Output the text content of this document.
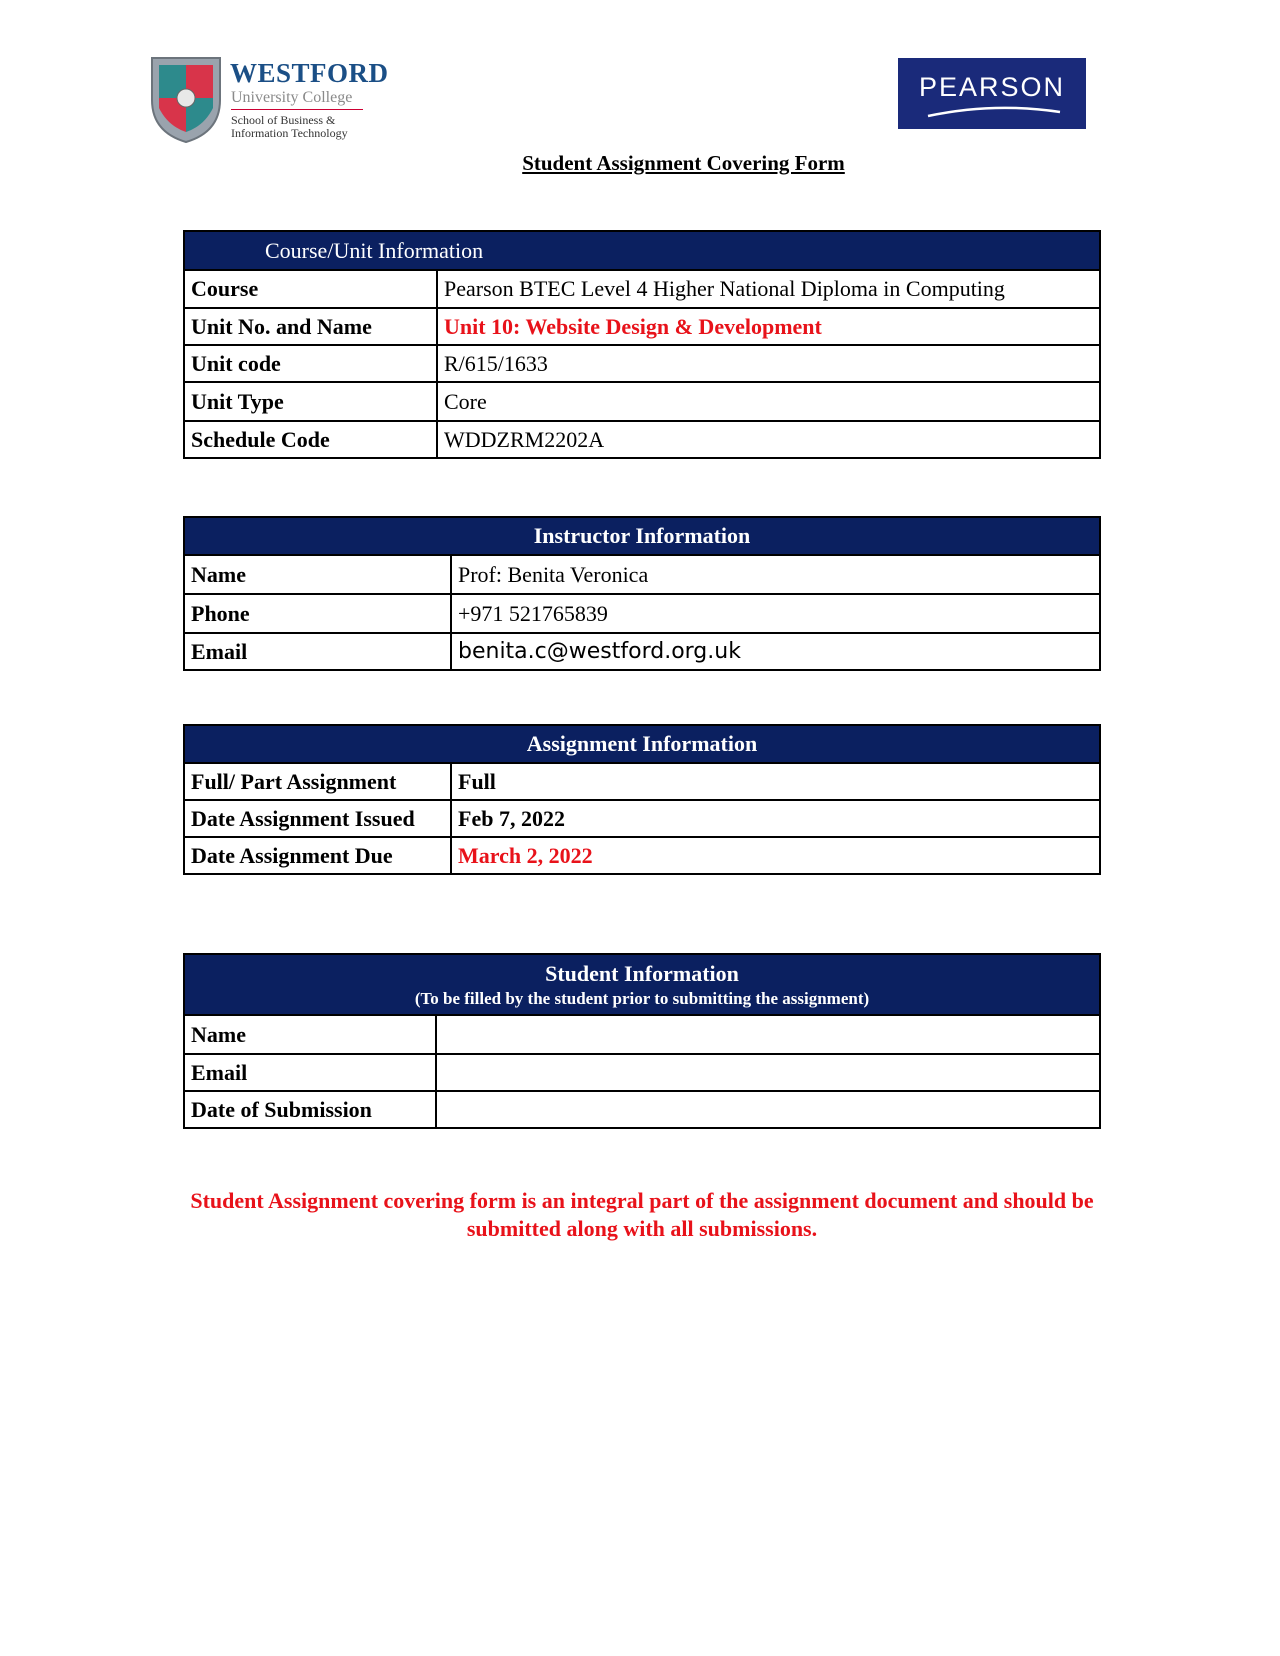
WESTFORD
University College
School of Business &
Information Technology
PEARSON
Student Assignment Covering Form
Course/Unit Information	
Course	Pearson BTEC Level 4 Higher National Diploma in Computing
Unit No. and Name	Unit 10: Website Design & Development
Unit code	R/615/1633
Unit Type	Core
Schedule Code	WDDZRM2202A
Instructor Information	
Name	Prof: Benita Veronica
Phone	+971 521765839
Email	benita.c@westford.org.uk
Assignment Information	
Full/ Part Assignment	Full
Date Assignment Issued	Feb 7, 2022
Date Assignment Due	March 2, 2022
Student Information
(To be filled by the student prior to submitting the assignment)	

Name	
Email	
Date of Submission	
Student Assignment covering form is an integral part of the assignment document and should be submitted along with all submissions.
